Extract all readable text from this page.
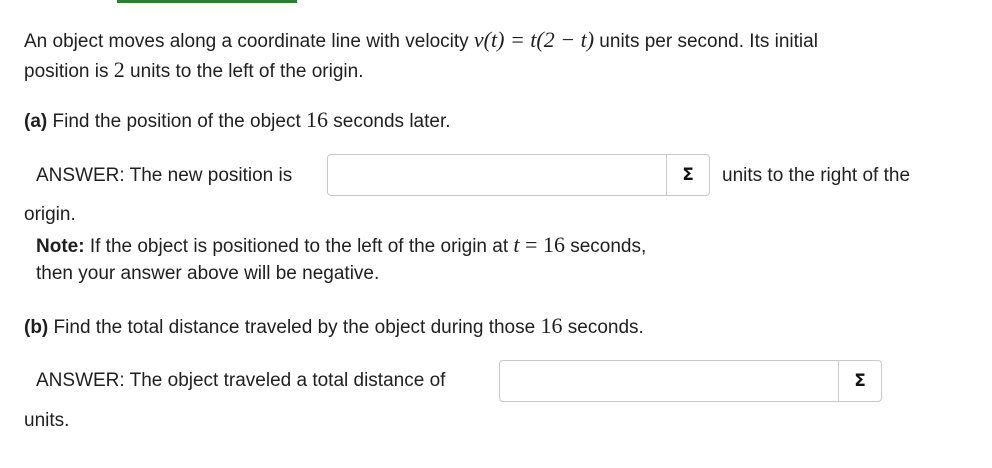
An object moves along a coordinate line with velocity v(t) = t(2 − t) units per second. Its initial
position is 2 units to the left of the origin.
(a) Find the position of the object 16 seconds later.
ANSWER: The new position is	Σ units to the right of the
origin.
Note: If the object is positioned to the left of the origin at t = 16 seconds,
then your answer above will be negative.
(b) Find the total distance traveled by the object during those 16 seconds.
ANSWER: The object traveled a total distance of	Σ
units.
